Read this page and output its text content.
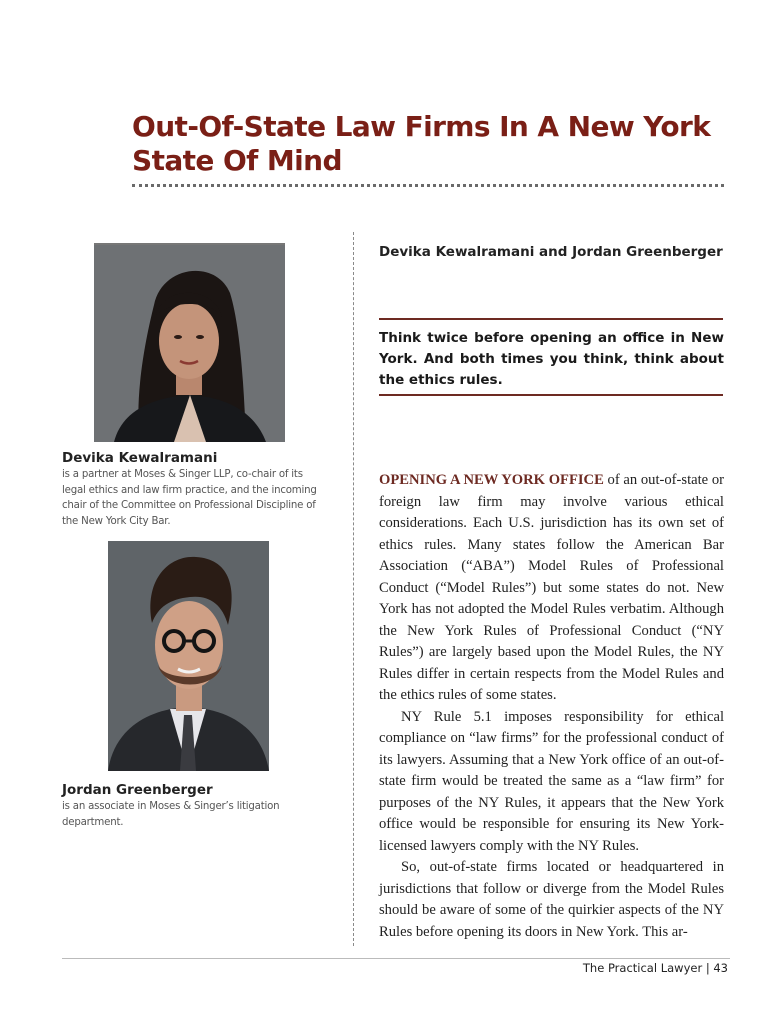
Out-Of-State Law Firms In A New York State Of Mind

Devika Kewalramani

is a partner at Moses & Singer LLP, co-chair of its legal ethics and law firm practice, and the incoming chair of the Committee on Professional Discipline of the New York City Bar.

Jordan Greenberger

is an associate in Moses & Singer’s litigation department.

Devika Kewalramani and Jordan Greenberger

Think twice before opening an office in New York. And both times you think, think about the ethics rules.

OPENING A NEW YORK OFFICE of an out-of-state or foreign law firm may involve various ethical considerations. Each U.S. jurisdiction has its own set of ethics rules. Many states follow the American Bar Association (“ABA”) Model Rules of Professional Conduct (“Model Rules”) but some states do not. New York has not adopted the Model Rules verbatim. Although the New York Rules of Professional Conduct (“NY Rules”) are largely based upon the Model Rules, the NY Rules differ in certain respects from the Model Rules and the ethics rules of some states.

NY Rule 5.1 imposes responsibility for ethical compliance on “law firms” for the professional conduct of its lawyers. Assuming that a New York office of an out-of-state firm would be treated the same as a “law firm” for purposes of the NY Rules, it appears that the New York office would be responsible for ensuring its New York-licensed lawyers comply with the NY Rules.

So, out-of-state firms located or headquartered in jurisdictions that follow or diverge from the Model Rules should be aware of some of the quirkier aspects of the NY Rules before opening its doors in New York. This ar-

The Practical Lawyer | 43
